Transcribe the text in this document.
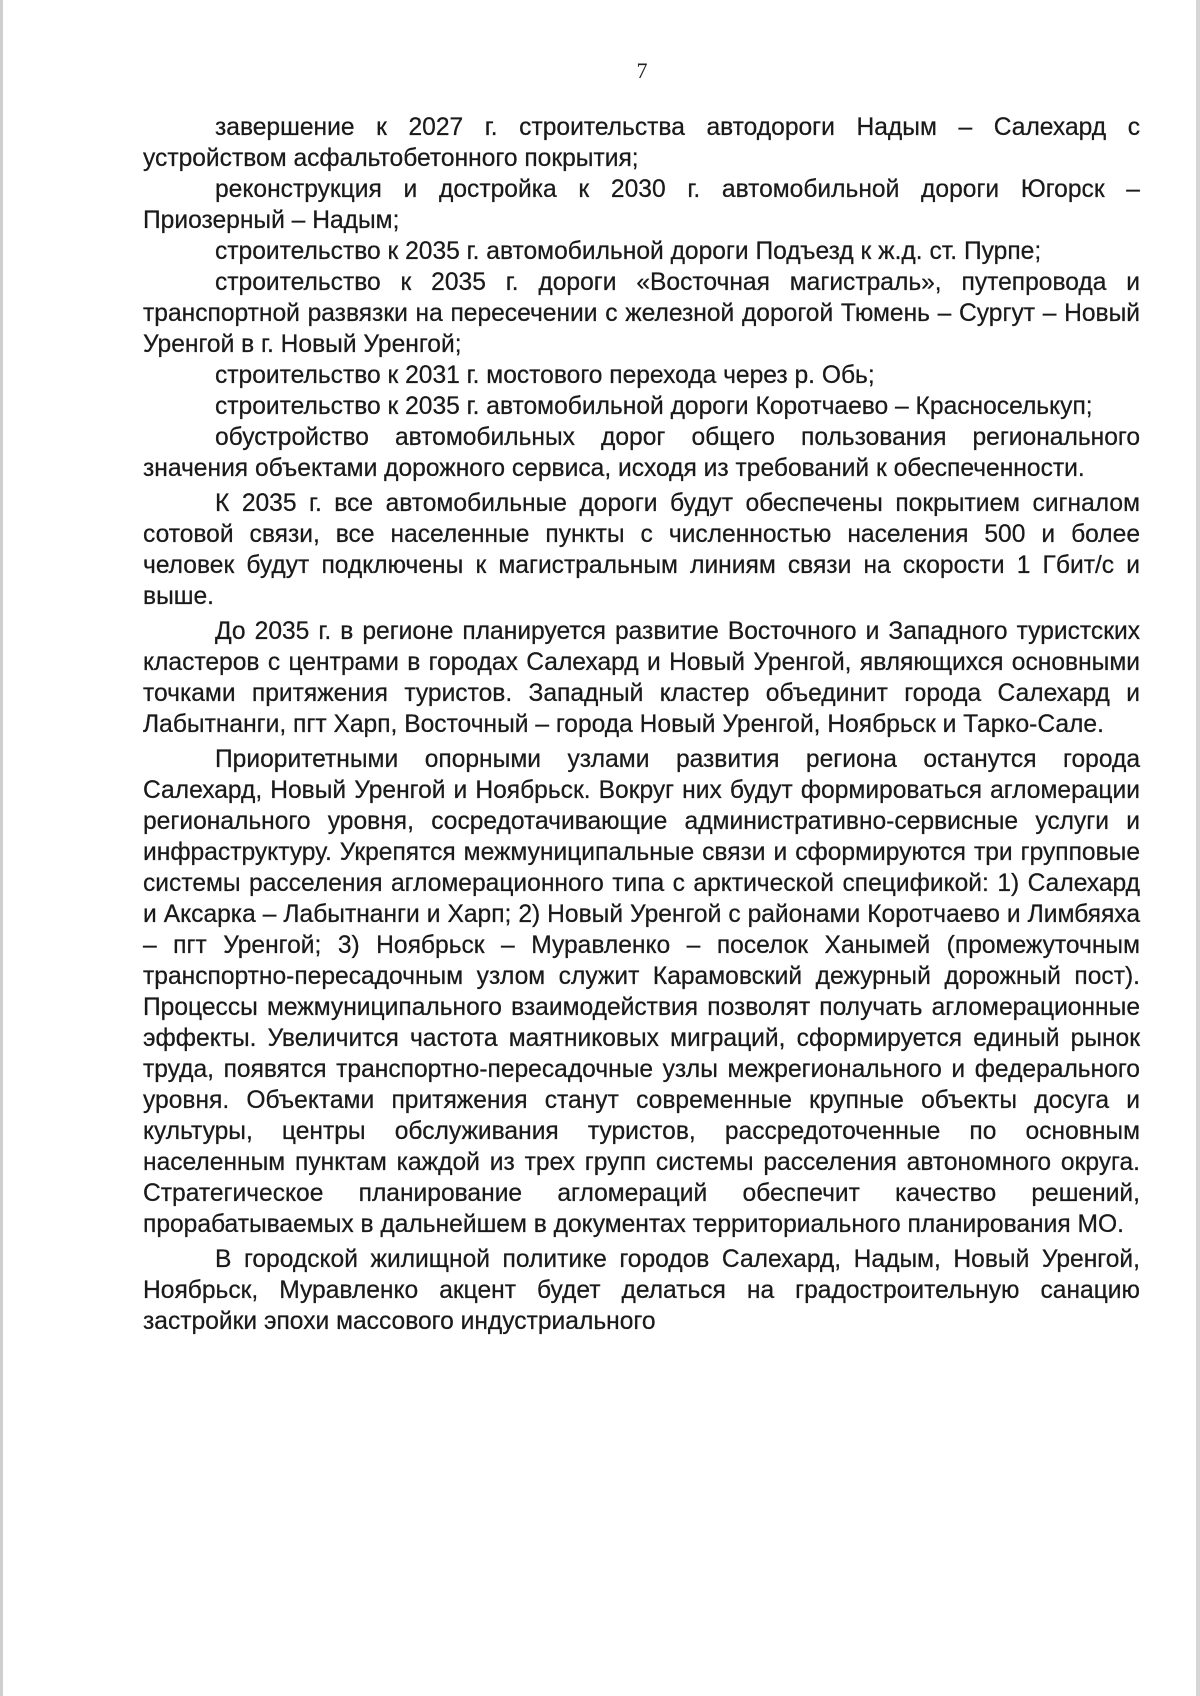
7

завершение к 2027 г. строительства автодороги Надым – Салехард с устройством асфальтобетонного покрытия;

реконструкция и достройка к 2030 г. автомобильной дороги Югорск – Приозерный – Надым;

строительство к 2035 г. автомобильной дороги Подъезд к ж.д. ст. Пурпе;

строительство к 2035 г. дороги «Восточная магистраль», путепровода и транспортной развязки на пересечении с железной дорогой Тюмень – Сургут – Новый Уренгой в г. Новый Уренгой;

строительство к 2031 г. мостового перехода через р. Обь;

строительство к 2035 г. автомобильной дороги Коротчаево – Красноселькуп;

обустройство автомобильных дорог общего пользования регионального значения объектами дорожного сервиса, исходя из требований к обеспеченности.

К 2035 г. все автомобильные дороги будут обеспечены покрытием сигналом сотовой связи, все населенные пункты с численностью населения 500 и более человек будут подключены к магистральным линиям связи на скорости 1 Гбит/с и выше.

До 2035 г. в регионе планируется развитие Восточного и Западного туристских кластеров с центрами в городах Салехард и Новый Уренгой, являющихся основными точками притяжения туристов. Западный кластер объединит города Салехард и Лабытнанги, пгт Харп, Восточный – города Новый Уренгой, Ноябрьск и Тарко-Сале.

Приоритетными опорными узлами развития региона останутся города Салехард, Новый Уренгой и Ноябрьск. Вокруг них будут формироваться агломерации регионального уровня, сосредотачивающие административно-сервисные услуги и инфраструктуру. Укрепятся межмуниципальные связи и сформируются три групповые системы расселения агломерационного типа с арктической спецификой: 1) Салехард и Аксарка – Лабытнанги и Харп; 2) Новый Уренгой с районами Коротчаево и Лимбяяха – пгт Уренгой; 3) Ноябрьск – Муравленко – поселок Ханымей (промежуточным транспортно-пересадочным узлом служит Карамовский дежурный дорожный пост). Процессы межмуниципального взаимодействия позволят получать агломерационные эффекты. Увеличится частота маятниковых миграций, сформируется единый рынок труда, появятся транспортно-пересадочные узлы межрегионального и федерального уровня. Объектами притяжения станут современные крупные объекты досуга и культуры, центры обслуживания туристов, рассредоточенные по основным населенным пунктам каждой из трех групп системы расселения автономного округа. Стратегическое планирование агломераций обеспечит качество решений, прорабатываемых в дальнейшем в документах территориального планирования МО.

В городской жилищной политике городов Салехард, Надым, Новый Уренгой, Ноябрьск, Муравленко акцент будет делаться на градостроительную санацию застройки эпохи массового индустриального
